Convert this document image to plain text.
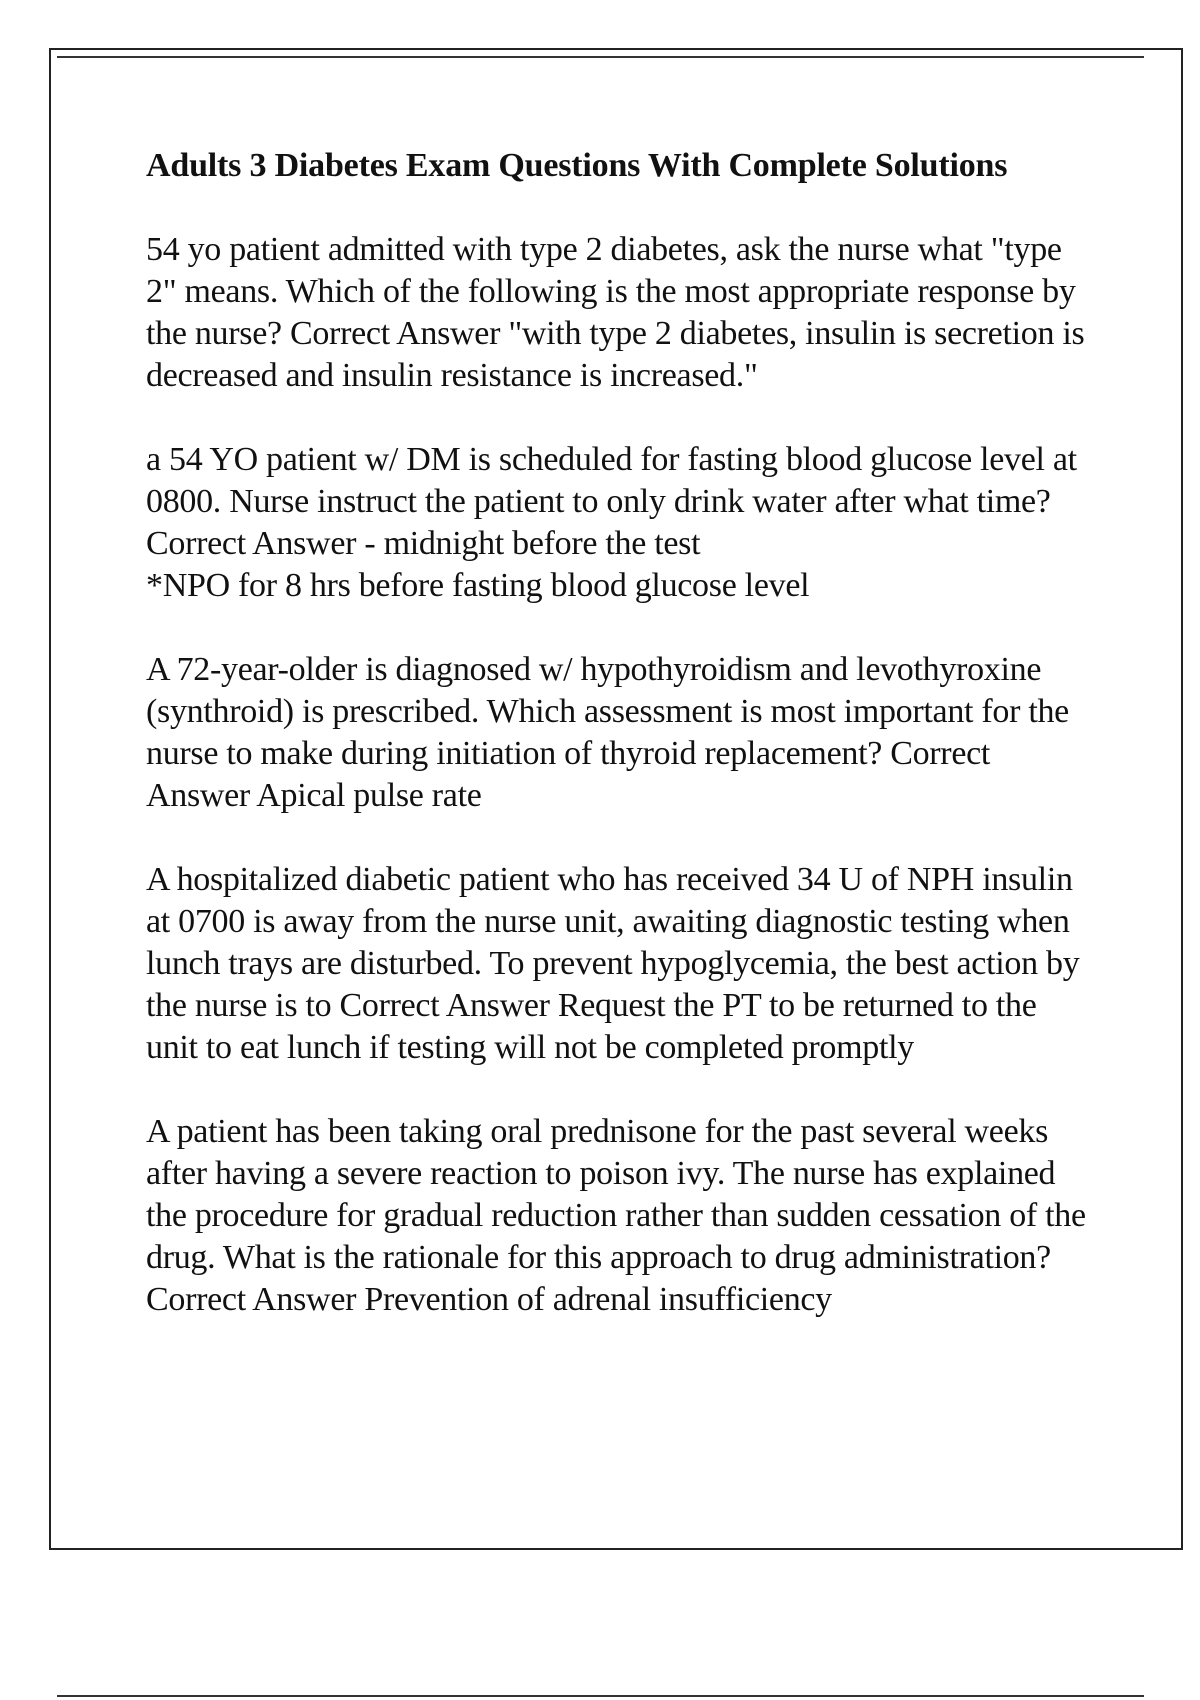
Adults 3 Diabetes Exam Questions With Complete Solutions

54 yo patient admitted with type 2 diabetes, ask the nurse what "type 2" means. Which of the following is the most appropriate response by the nurse? Correct Answer "with type 2 diabetes, insulin is secretion is decreased and insulin resistance is increased."

a 54 YO patient w/ DM is scheduled for fasting blood glucose level at 0800. Nurse instruct the patient to only drink water after what time? Correct Answer - midnight before the test
*NPO for 8 hrs before fasting blood glucose level

A 72-year-older is diagnosed w/ hypothyroidism and levothyroxine (synthroid) is prescribed. Which assessment is most important for the nurse to make during initiation of thyroid replacement? Correct Answer Apical pulse rate

A hospitalized diabetic patient who has received 34 U of NPH insulin at 0700 is away from the nurse unit, awaiting diagnostic testing when lunch trays are disturbed. To prevent hypoglycemia, the best action by the nurse is to Correct Answer Request the PT to be returned to the unit to eat lunch if testing will not be completed promptly

A patient has been taking oral prednisone for the past several weeks after having a severe reaction to poison ivy. The nurse has explained the procedure for gradual reduction rather than sudden cessation of the drug. What is the rationale for this approach to drug administration? Correct Answer Prevention of adrenal insufficiency
